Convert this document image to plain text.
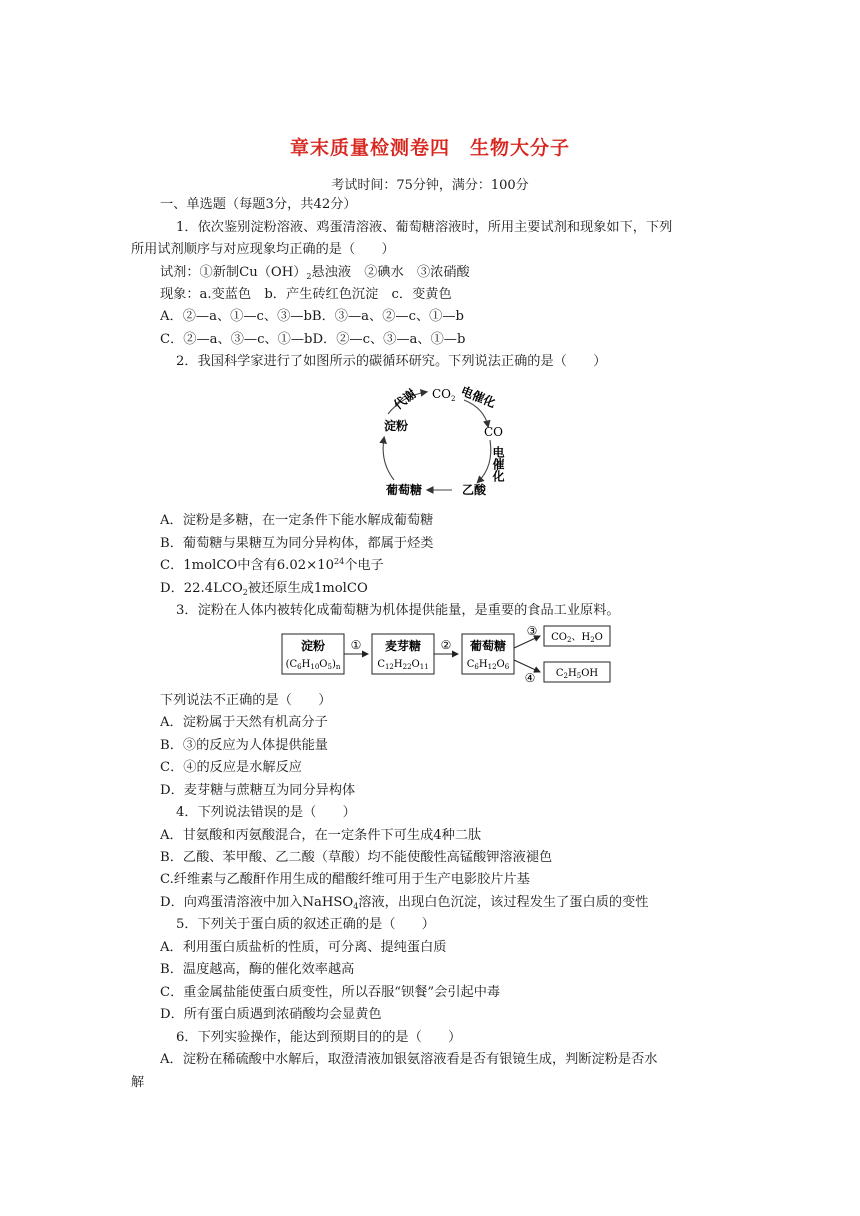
章末质量检测卷四　生物大分子
考试时间：75分钟，满分：100分
一、单选题（每题3分，共42分）
1．依次鉴别淀粉溶液、鸡蛋清溶液、葡萄糖溶液时，所用主要试剂和现象如下，下列
所用试剂顺序与对应现象均正确的是（　　）
试剂：①新制$Cu(OH)_2$悬浊液　②碘水　③浓硝酸
现象：a.变蓝色　b．产生砖红色沉淀　c．变黄色
A．②—a、①—c、③—bB．③—a、②—c、①—b
C．②—a、③—c、①—bD．②—c、③—a、①—b
2．我国科学家进行了如图所示的碳循环研究。下列说法正确的是（　　）
$CO_2$ 电催化
CO
电催化
乙酸
葡萄糖
淀粉
代谢
A．淀粉是多糖，在一定条件下能水解成葡萄糖
B．葡萄糖与果糖互为同分异构体，都属于烃类
C．1molCO中含有$6.02\times 10^{24}$个电子
D．$22.4LCO_2$被还原生成1molCO
3．淀粉在人体内被转化成葡萄糖为机体提供能量，是重要的食品工业原料。
淀粉
$(C_6H_{10}O_5)_n$
① 麦芽糖
$C_{12}H_{22}O_{11}$
② 葡萄糖
$C_6H_{12}O_6$
③
④
$CO_2$、$H_2O$
$C_2H_5OH$
下列说法不正确的是（　　）
A．淀粉属于天然有机高分子
B．③的反应为人体提供能量
C．④的反应是水解反应
D．麦芽糖与蔗糖互为同分异构体
4．下列说法错误的是（　　）
A．甘氨酸和丙氨酸混合，在一定条件下可生成4种二肽
B．乙酸、苯甲酸、乙二酸（草酸）均不能使酸性高锰酸钾溶液褪色
C.纤维素与乙酸酐作用生成的醋酸纤维可用于生产电影胶片片基
D．向鸡蛋清溶液中加入NaHSO$_4$溶液，出现白色沉淀，该过程发生了蛋白质的变性
5．下列关于蛋白质的叙述正确的是（　　）
A．利用蛋白质盐析的性质，可分离、提纯蛋白质
B．温度越高，酶的催化效率越高
C．重金属盐能使蛋白质变性，所以吞服“钡餐”会引起中毒
D．所有蛋白质遇到浓硝酸均会显黄色
6．下列实验操作，能达到预期目的的是（　　）
A．淀粉在稀硫酸中水解后，取澄清液加银氨溶液看是否有银镜生成，判断淀粉是否水
解
